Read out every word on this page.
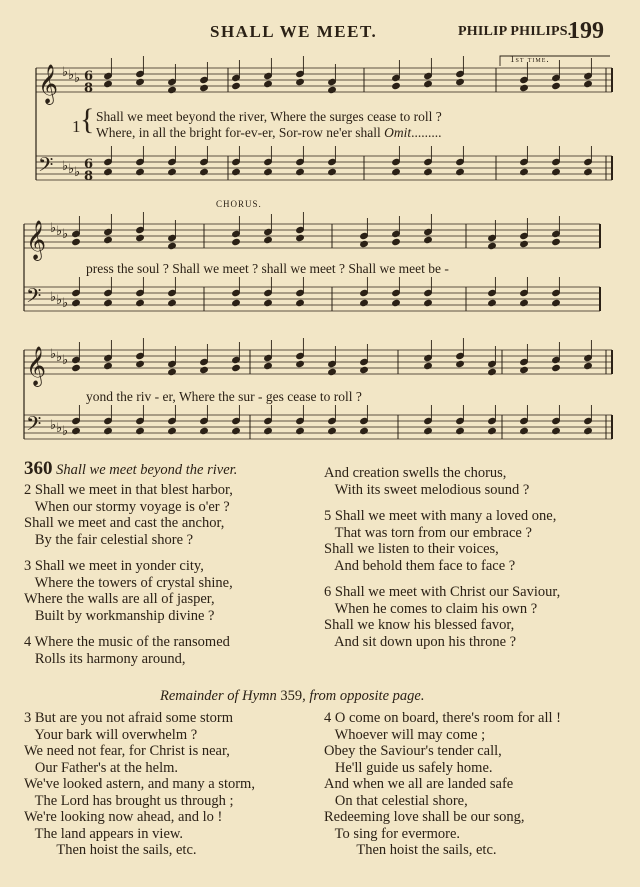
SHALL WE MEET.	PHILIP PHILIPS.
199
𝄞
𝄢
♭
♭
♭
♭
♭
♭
6
8
6
8
𝄞
𝄢
♭
♭
♭
♭
♭
♭
𝄞
𝄢
♭
♭
♭
♭
♭
♭
1st time.
CHORUS.
1 { Shall we meet beyond the river, Where the surges cease to roll ?
Where, in all the bright for-ev-er, Sor-row ne'er shall Omit.........
press the soul ? Shall we meet ? shall we meet ? Shall we meet be -
yond the riv - er, Where the sur - ges cease to roll ?
360 Shall we meet beyond the river.
2 Shall we meet in that blest harbor,
When our stormy voyage is o'er ?
Shall we meet and cast the anchor,
By the fair celestial shore ?
3 Shall we meet in yonder city,
Where the towers of crystal shine,
Where the walls are all of jasper,
Built by workmanship divine ?
4 Where the music of the ransomed
Rolls its harmony around,
And creation swells the chorus,
With its sweet melodious sound ?
5 Shall we meet with many a loved one,
That was torn from our embrace ?
Shall we listen to their voices,
And behold them face to face ?
6 Shall we meet with Christ our Saviour,
When he comes to claim his own ?
Shall we know his blessed favor,
And sit down upon his throne ?
Remainder of Hymn 359, from opposite page.
3 But are you not afraid some storm
Your bark will overwhelm ?
We need not fear, for Christ is near,
Our Father's at the helm.
We've looked astern, and many a storm,
The Lord has brought us through ;
We're looking now ahead, and lo !
The land appears in view.
Then hoist the sails, etc.
4 O come on board, there's room for all !
Whoever will may come ;
Obey the Saviour's tender call,
He'll guide us safely home.
And when we all are landed safe
On that celestial shore,
Redeeming love shall be our song,
To sing for evermore.
Then hoist the sails, etc.
